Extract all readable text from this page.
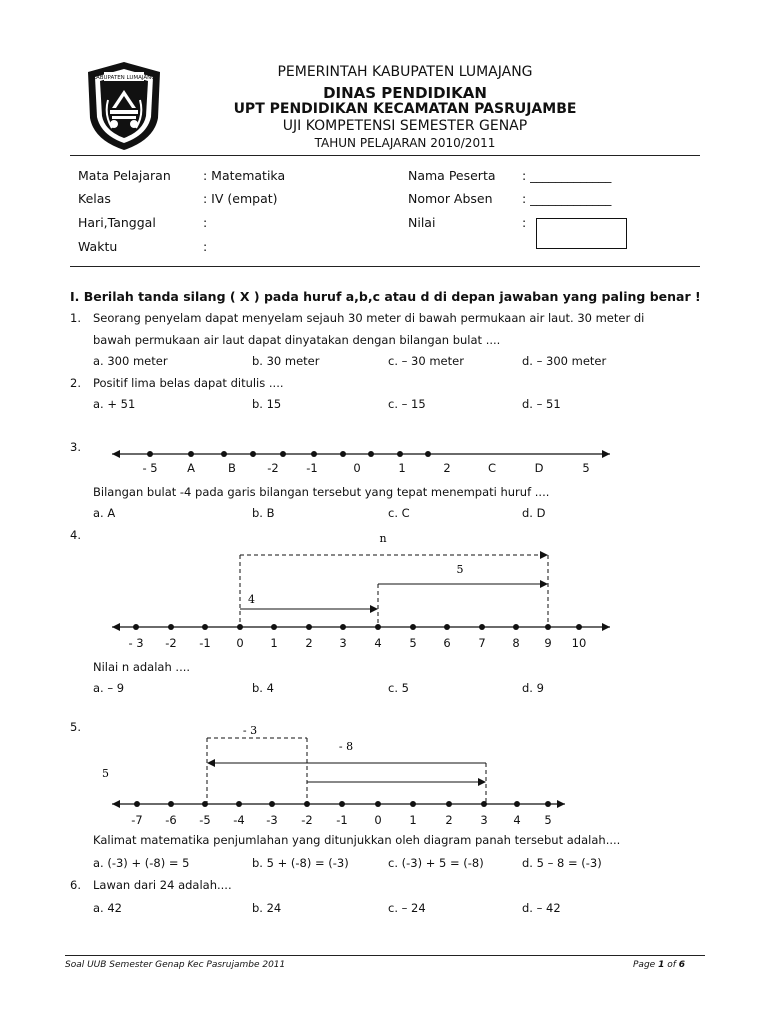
KABUPATEN LUMAJANG	PEMERINTAH KABUPATEN LUMAJANG
DINAS PENDIDIKAN
UPT PENDIDIKAN KECAMATAN PASRUJAMBE
UJI KOMPETENSI SEMESTER GENAP
TAHUN PELAJARAN 2010/2011
Mata Pelajaran	: Matematika
Kelas	: IV (empat)
Hari,Tanggal	:
Waktu	:
Nama Peserta : _____________
Nomor Absen : _____________
Nilai	:
I. Berilah tanda silang ( X ) pada huruf a,b,c atau d di depan jawaban yang paling benar !
1. Seorang penyelam dapat menyelam sejauh 30 meter di bawah permukaan air laut. 30 meter di
bawah permukaan air laut dapat dinyatakan dengan bilangan bulat ....
a. 300 meter	b. 30 meter	c. – 30 meter	d. – 300 meter
2. Positif lima belas dapat ditulis ....
a. + 51	b. 15	c. – 15	d. – 51
3.
- 5	A	B	-2 -1	0	1	2	C	D	5
Bilangan bulat -4 pada garis bilangan tersebut yang tepat menempati huruf ....
a. A	b. B	c. C	d. D
4.	n
5
4
- 3 -2 -1 0 1 2 3 4 5 6 7 8 9 10
Nilai n adalah ....
a. – 9	b. 4	c. 5	d. 9
5.	- 3
- 8
5
-7 -6 -5 -4 -3 -2 -1 0 1 2 3 4 5
Kalimat matematika penjumlahan yang ditunjukkan oleh diagram panah tersebut adalah....
a. (-3) + (-8) = 5	b. 5 + (-8) = (-3)	c. (-3) + 5 = (-8)	d. 5 – 8 = (-3)
6. Lawan dari 24 adalah....
a. 42	b. 24	c. – 24	d. – 42
Soal UUB Semester Genap Kec Pasrujambe 2011	Page 1 of 6
